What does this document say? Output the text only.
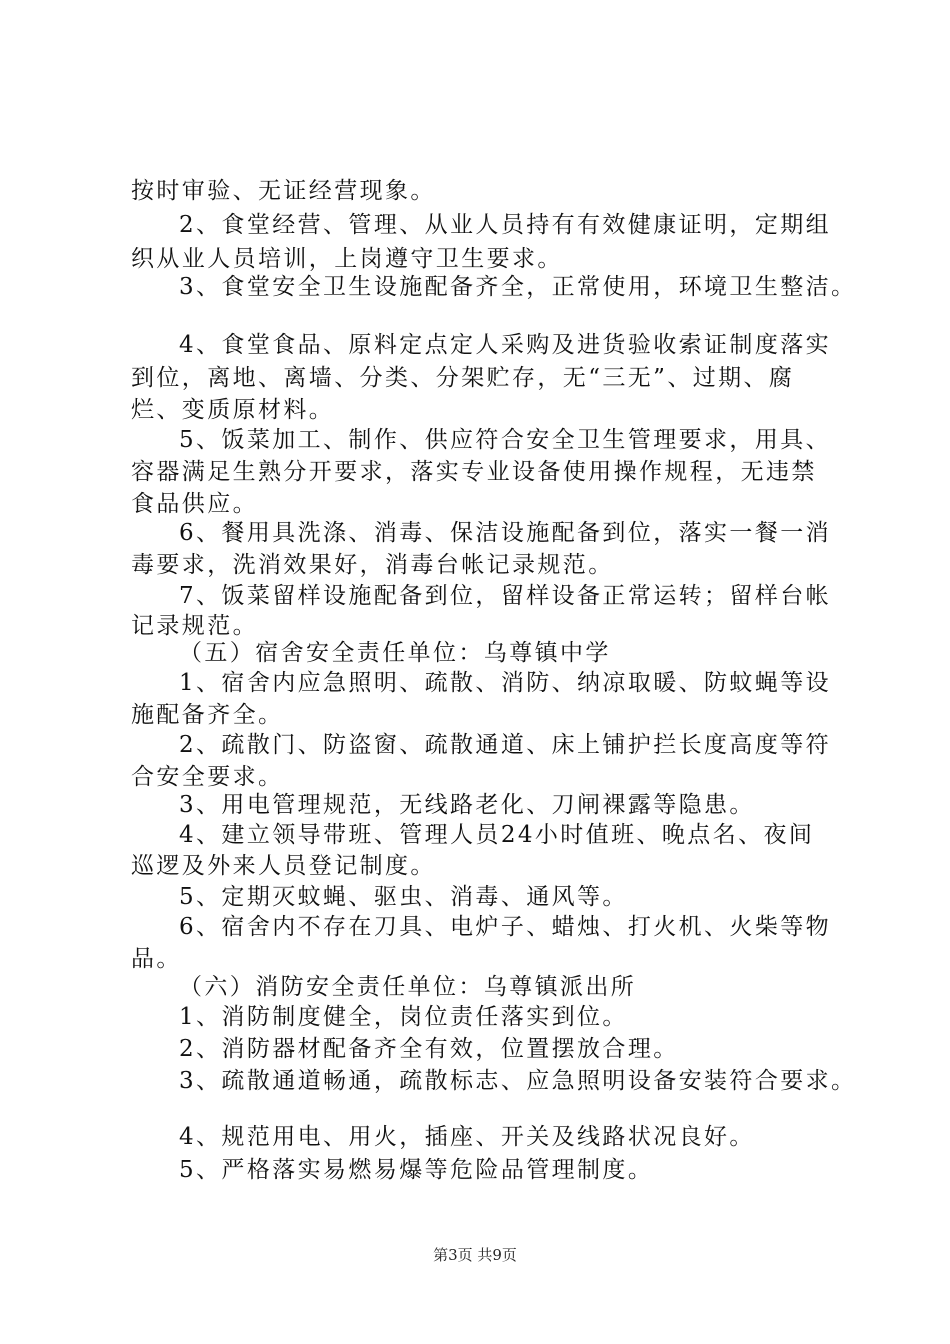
按时审验、无证经营现象。
2、食堂经营、管理、从业人员持有有效健康证明，定期组
织从业人员培训，上岗遵守卫生要求。
3、食堂安全卫生设施配备齐全，正常使用，环境卫生整洁。
4、食堂食品、原料定点定人采购及进货验收索证制度落实
到位，离地、离墙、分类、分架贮存，无“三无”、过期、腐
烂、变质原材料。
5、饭菜加工、制作、供应符合安全卫生管理要求，用具、
容器满足生熟分开要求，落实专业设备使用操作规程，无违禁
食品供应。
6、餐用具洗涤、消毒、保洁设施配备到位，落实一餐一消
毒要求，洗消效果好，消毒台帐记录规范。
7、饭菜留样设施配备到位，留样设备正常运转；留样台帐
记录规范。
（五）宿舍安全责任单位：乌尊镇中学
1、宿舍内应急照明、疏散、消防、纳凉取暖、防蚊蝇等设
施配备齐全。
2、疏散门、防盗窗、疏散通道、床上铺护拦长度高度等符
合安全要求。
3、用电管理规范，无线路老化、刀闸裸露等隐患。
4、建立领导带班、管理人员24小时值班、晚点名、夜间
巡逻及外来人员登记制度。
5、定期灭蚊蝇、驱虫、消毒、通风等。
6、宿舍内不存在刀具、电炉子、蜡烛、打火机、火柴等物
品。
（六）消防安全责任单位：乌尊镇派出所
1、消防制度健全，岗位责任落实到位。
2、消防器材配备齐全有效，位置摆放合理。
3、疏散通道畅通，疏散标志、应急照明设备安装符合要求。
4、规范用电、用火，插座、开关及线路状况良好。
5、严格落实易燃易爆等危险品管理制度。
第3页 共9页
